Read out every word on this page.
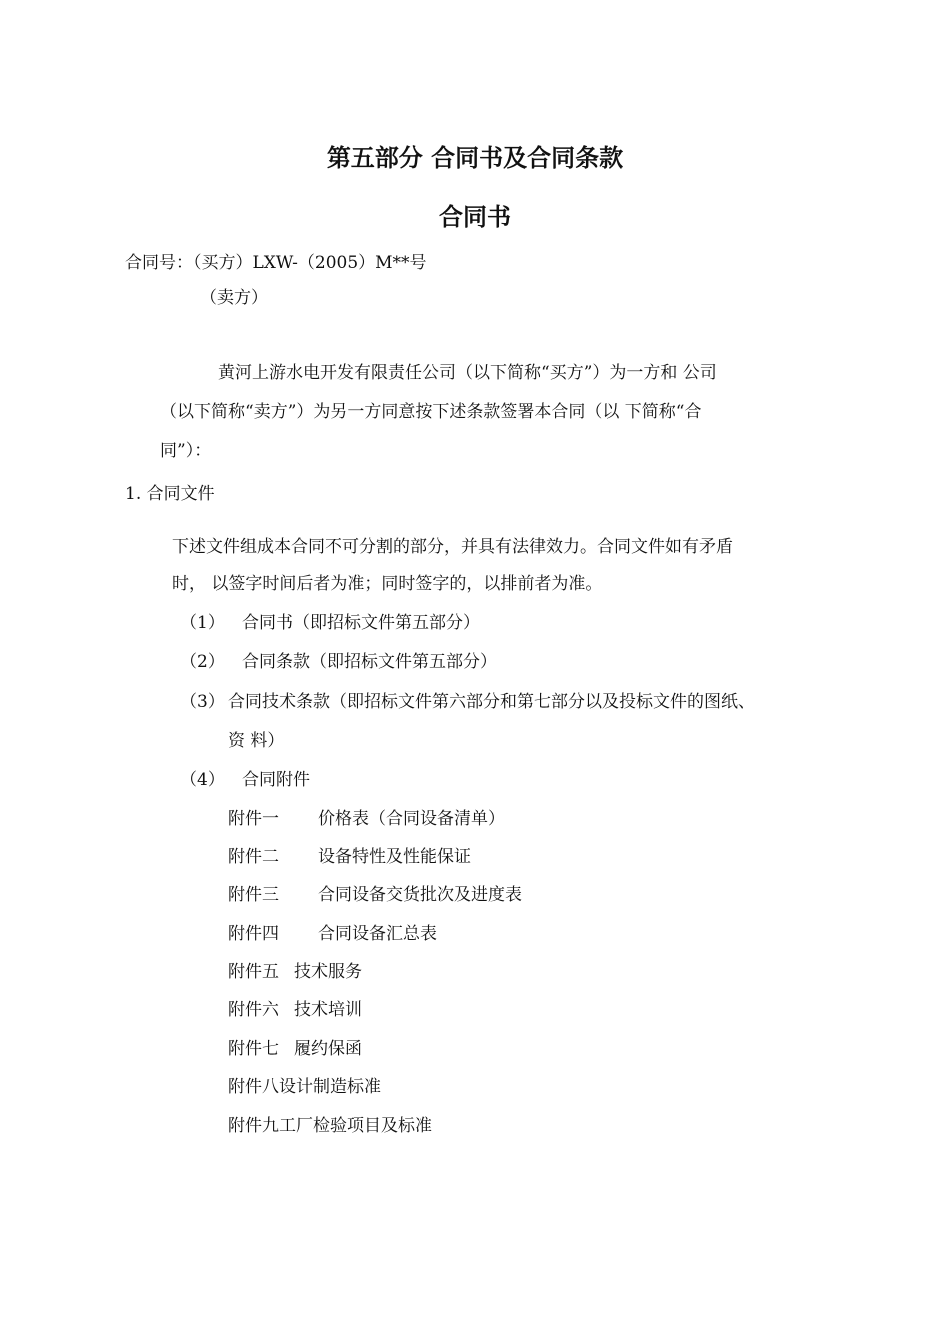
第五部分 合同书及合同条款
合同书
合同号：（买方）LXW-（2005）M**号
（卖方）
黄河上游水电开发有限责任公司（以下简称“买方”）为一方和 公司
（以下简称“卖方”）为另一方同意按下述条款签署本合同（以 下简称“合
同”）：
1. 合同文件
下述文件组成本合同不可分割的部分，并具有法律效力。合同文件如有矛盾
时， 以签字时间后者为准；同时签字的，以排前者为准。
（1） 合同书（即招标文件第五部分）
（2） 合同条款（即招标文件第五部分）
（3） 合同技术条款（即招标文件第六部分和第七部分以及投标文件的图纸、
资 料）
（4） 合同附件
附件一 价格表（合同设备清单）
附件二 设备特性及性能保证
附件三 合同设备交货批次及进度表
附件四 合同设备汇总表
附件五 技术服务
附件六 技术培训
附件七 履约保函
附件八设计制造标准
附件九工厂检验项目及标准
